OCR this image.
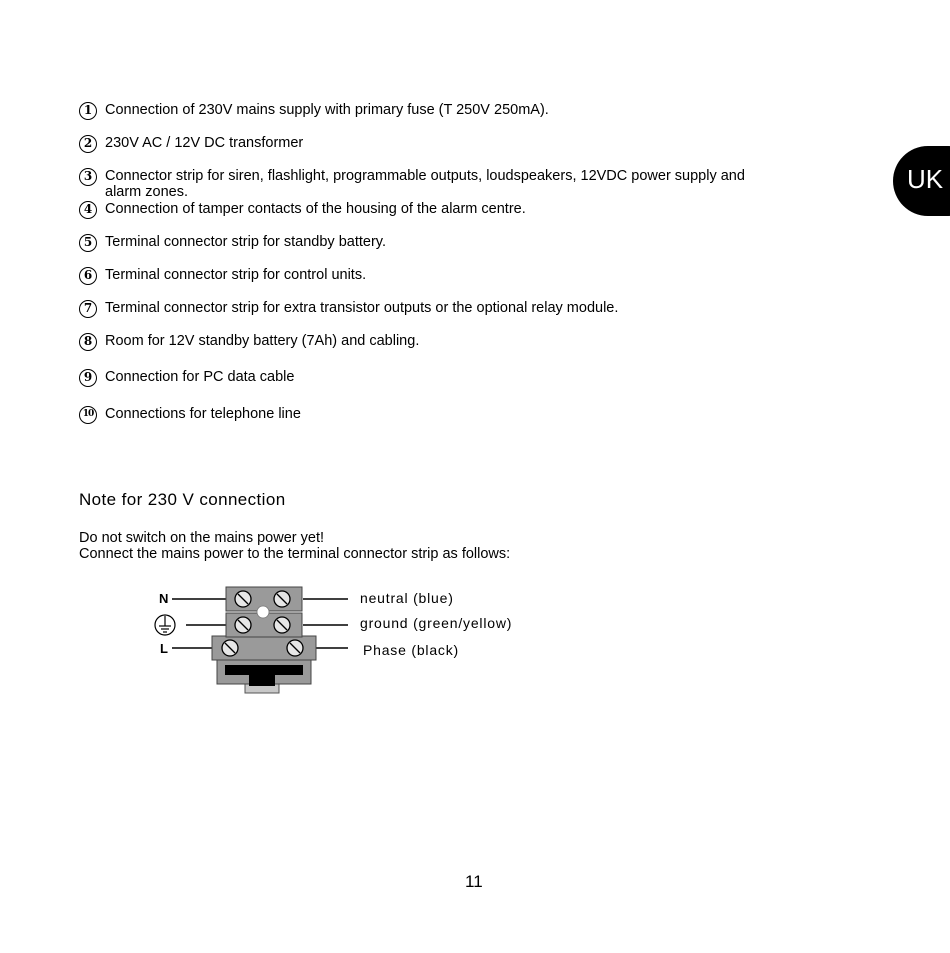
UK
1 Connection of 230V mains supply with primary fuse (T 250V 250mA).
2 230V AC / 12V DC transformer
3 Connector strip for siren, flashlight, programmable outputs, loudspeakers, 12VDC power supply and
alarm zones.
4 Connection of tamper contacts of the housing of the alarm centre.
5 Terminal connector strip for standby battery.
6 Terminal connector strip for control units.
7 Terminal connector strip for extra transistor outputs or the optional relay module.
8 Room for 12V standby battery (7Ah) and cabling.
9 Connection for PC data cable
10 Connections for telephone line
Note for 230 V connection
Do not switch on the mains power yet!
Connect the mains power to the terminal connector strip as follows:
N
L
neutral (blue)
ground (green/yellow)
Phase (black)
11
